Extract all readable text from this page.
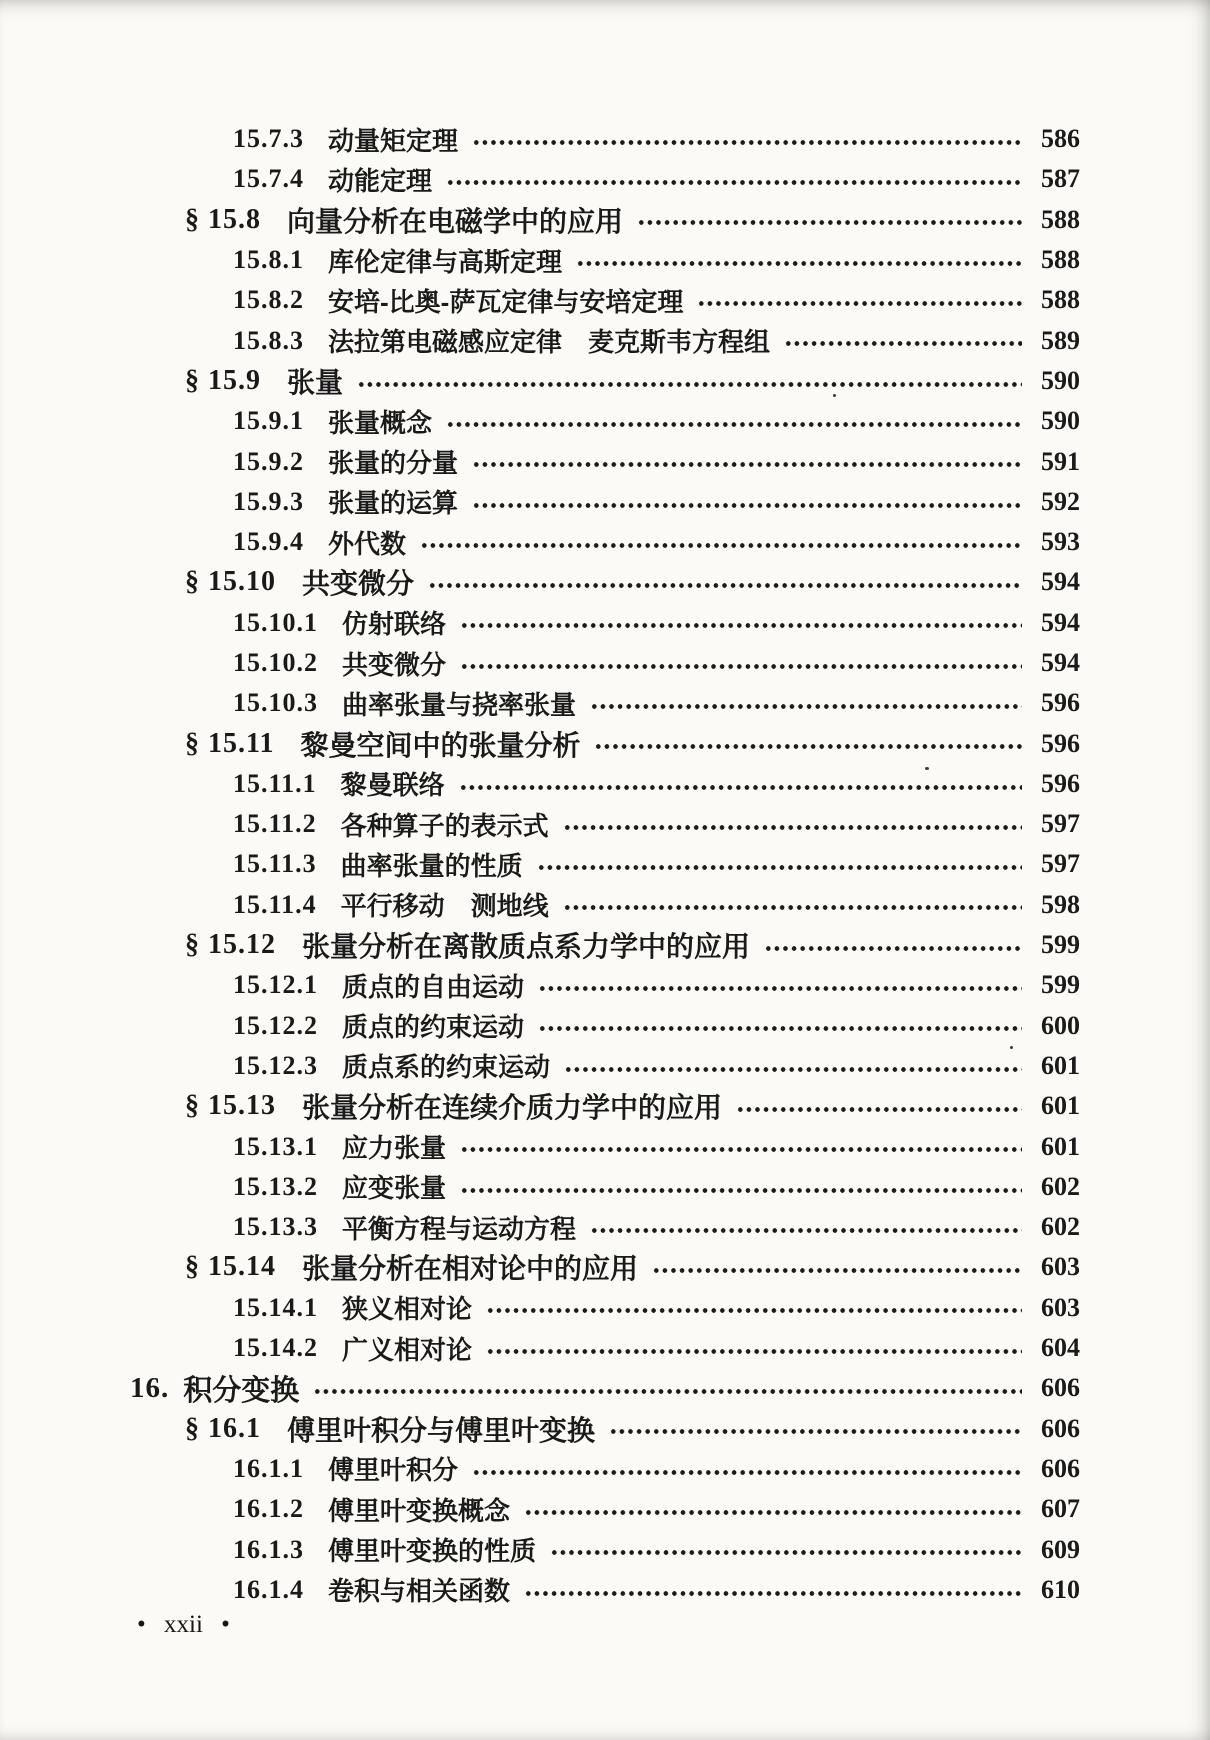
15.7.3 动量矩定理	586
15.7.4 动能定理	587
§ 15.8 向量分析在电磁学中的应用	588
15.8.1 库伦定律与高斯定理	588
15.8.2 安培-比奥-萨瓦定律与安培定理	588
15.8.3 法拉第电磁感应定律　麦克斯韦方程组	589
§ 15.9 张量	590
15.9.1 张量概念	590
15.9.2 张量的分量	591
15.9.3 张量的运算	592
15.9.4 外代数	593
§ 15.10 共变微分	594
15.10.1 仿射联络	594
15.10.2 共变微分	594
15.10.3 曲率张量与挠率张量	596
§ 15.11 黎曼空间中的张量分析	596
15.11.1 黎曼联络	596
15.11.2 各种算子的表示式	597
15.11.3 曲率张量的性质	597
15.11.4 平行移动　测地线	598
§ 15.12 张量分析在离散质点系力学中的应用	599
15.12.1 质点的自由运动	599
15.12.2 质点的约束运动	600
15.12.3 质点系的约束运动	601
§ 15.13 张量分析在连续介质力学中的应用	601
15.13.1 应力张量	601
15.13.2 应变张量	602
15.13.3 平衡方程与运动方程	602
§ 15.14 张量分析在相对论中的应用	603
15.14.1 狭义相对论	603
15.14.2 广义相对论	604
16. 积分变换	606
§ 16.1 傅里叶积分与傅里叶变换	606
16.1.1 傅里叶积分	606
16.1.2 傅里叶变换概念	607
16.1.3 傅里叶变换的性质	609
16.1.4 卷积与相关函数	610
• xxii •
